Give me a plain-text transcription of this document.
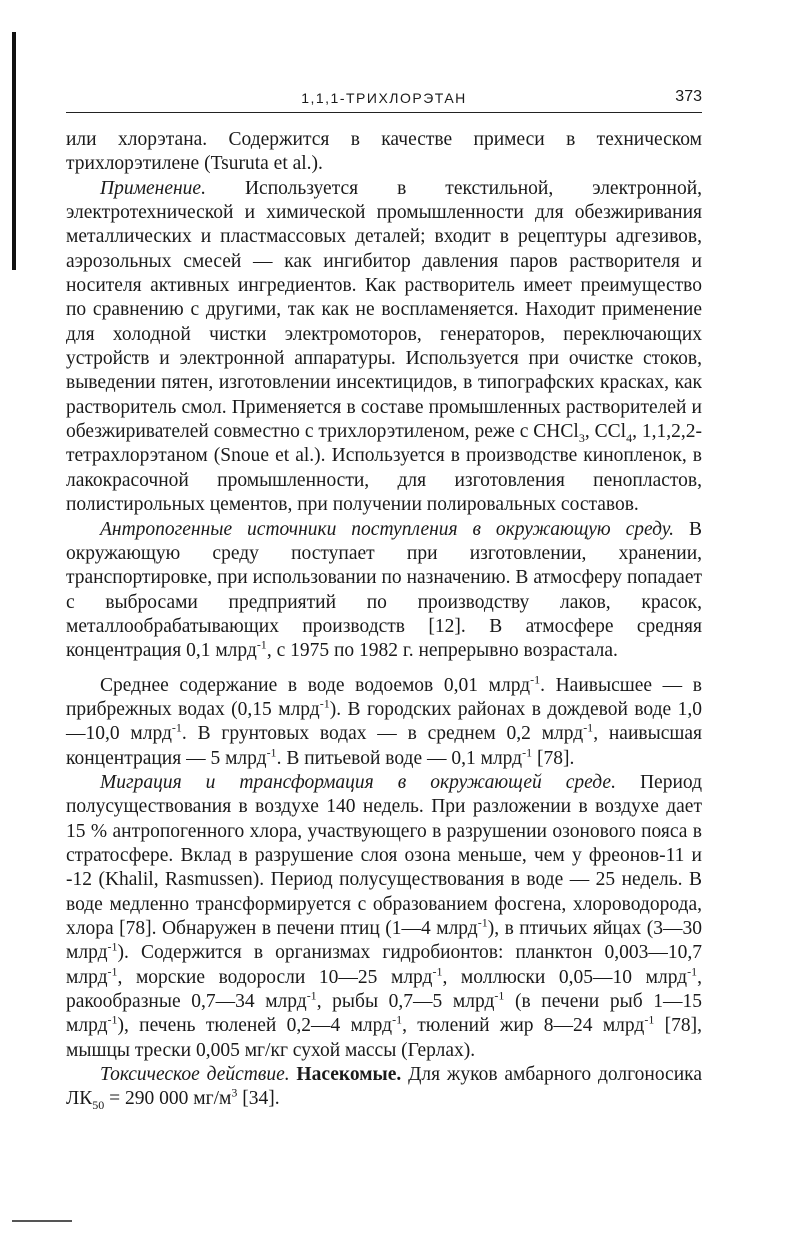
1,1,1-ТРИХЛОРЭТАН	373

или хлорэтана. Содержится в качестве примеси в техническом трихлорэтилене (Tsuruta et al.).

Применение. Используется в текстильной, электронной, электротехнической и химической промышленности для обезжиривания металлических и пластмассовых деталей; входит в рецептуры адгезивов, аэрозольных смесей — как ингибитор давления паров растворителя и носителя активных ингредиентов. Как растворитель имеет преимущество по сравнению с другими, так как не воспламеняется. Находит применение для холодной чистки электромоторов, генераторов, переключающих устройств и электронной аппаратуры. Используется при очистке стоков, выведении пятен, изготовлении инсектицидов, в типографских красках, как растворитель смол. Применяется в составе промышленных растворителей и обезжиривателей совместно с трихлорэтиленом, реже с CHCl$_3$, CCl$_4$, 1,1,2,2-тетрахлорэтаном (Snoue et al.). Используется в производстве кинопленок, в лакокрасочной промышленности, для изготовления пенопластов, полистирольных цементов, при получении полировальных составов.

Антропогенные источники поступления в окружающую среду. В окружающую среду поступает при изготовлении, хранении, транспортировке, при использовании по назначению. В атмосферу попадает с выбросами предприятий по производству лаков, красок, металлообрабатывающих производств [12]. В атмосфере средняя концентрация 0,1 млрд$^{-1}$, с 1975 по 1982 г. непрерывно возрастала.

Среднее содержание в воде водоемов 0,01 млрд$^{-1}$. Наивысшее — в прибрежных водах (0,15 млрд$^{-1}$). В городских районах в дождевой воде 1,0—10,0 млрд$^{-1}$. В грунтовых водах — в среднем 0,2 млрд$^{-1}$, наивысшая концентрация — 5 млрд$^{-1}$. В питьевой воде — 0,1 млрд$^{-1}$ [78].

Миграция и трансформация в окружающей среде. Период полусуществования в воздухе 140 недель. При разложении в воздухе дает 15 % антропогенного хлора, участвующего в разрушении озонового пояса в стратосфере. Вклад в разрушение слоя озона меньше, чем у фреонов-11 и -12 (Khalil, Rasmussen). Период полусуществования в воде — 25 недель. В воде медленно трансформируется с образованием фосгена, хлороводорода, хлора [78]. Обнаружен в печени птиц (1—4 млрд$^{-1}$), в птичьих яйцах (3—30 млрд$^{-1}$). Содержится в организмах гидробионтов: планктон 0,003—10,7 млрд$^{-1}$, морские водоросли 10—25 млрд$^{-1}$, моллюски 0,05—10 млрд$^{-1}$, ракообразные 0,7—34 млрд$^{-1}$, рыбы 0,7—5 млрд$^{-1}$ (в печени рыб 1—15 млрд$^{-1}$), печень тюленей 0,2—4 млрд$^{-1}$, тюлений жир 8—24 млрд$^{-1}$ [78], мышцы трески 0,005 мг/кг сухой массы (Герлах).

Токсическое действие. Насекомые. Для жуков амбарного долгоносика $ЛК_{50} = 290$ 000 $мг/м^3$ [34].
